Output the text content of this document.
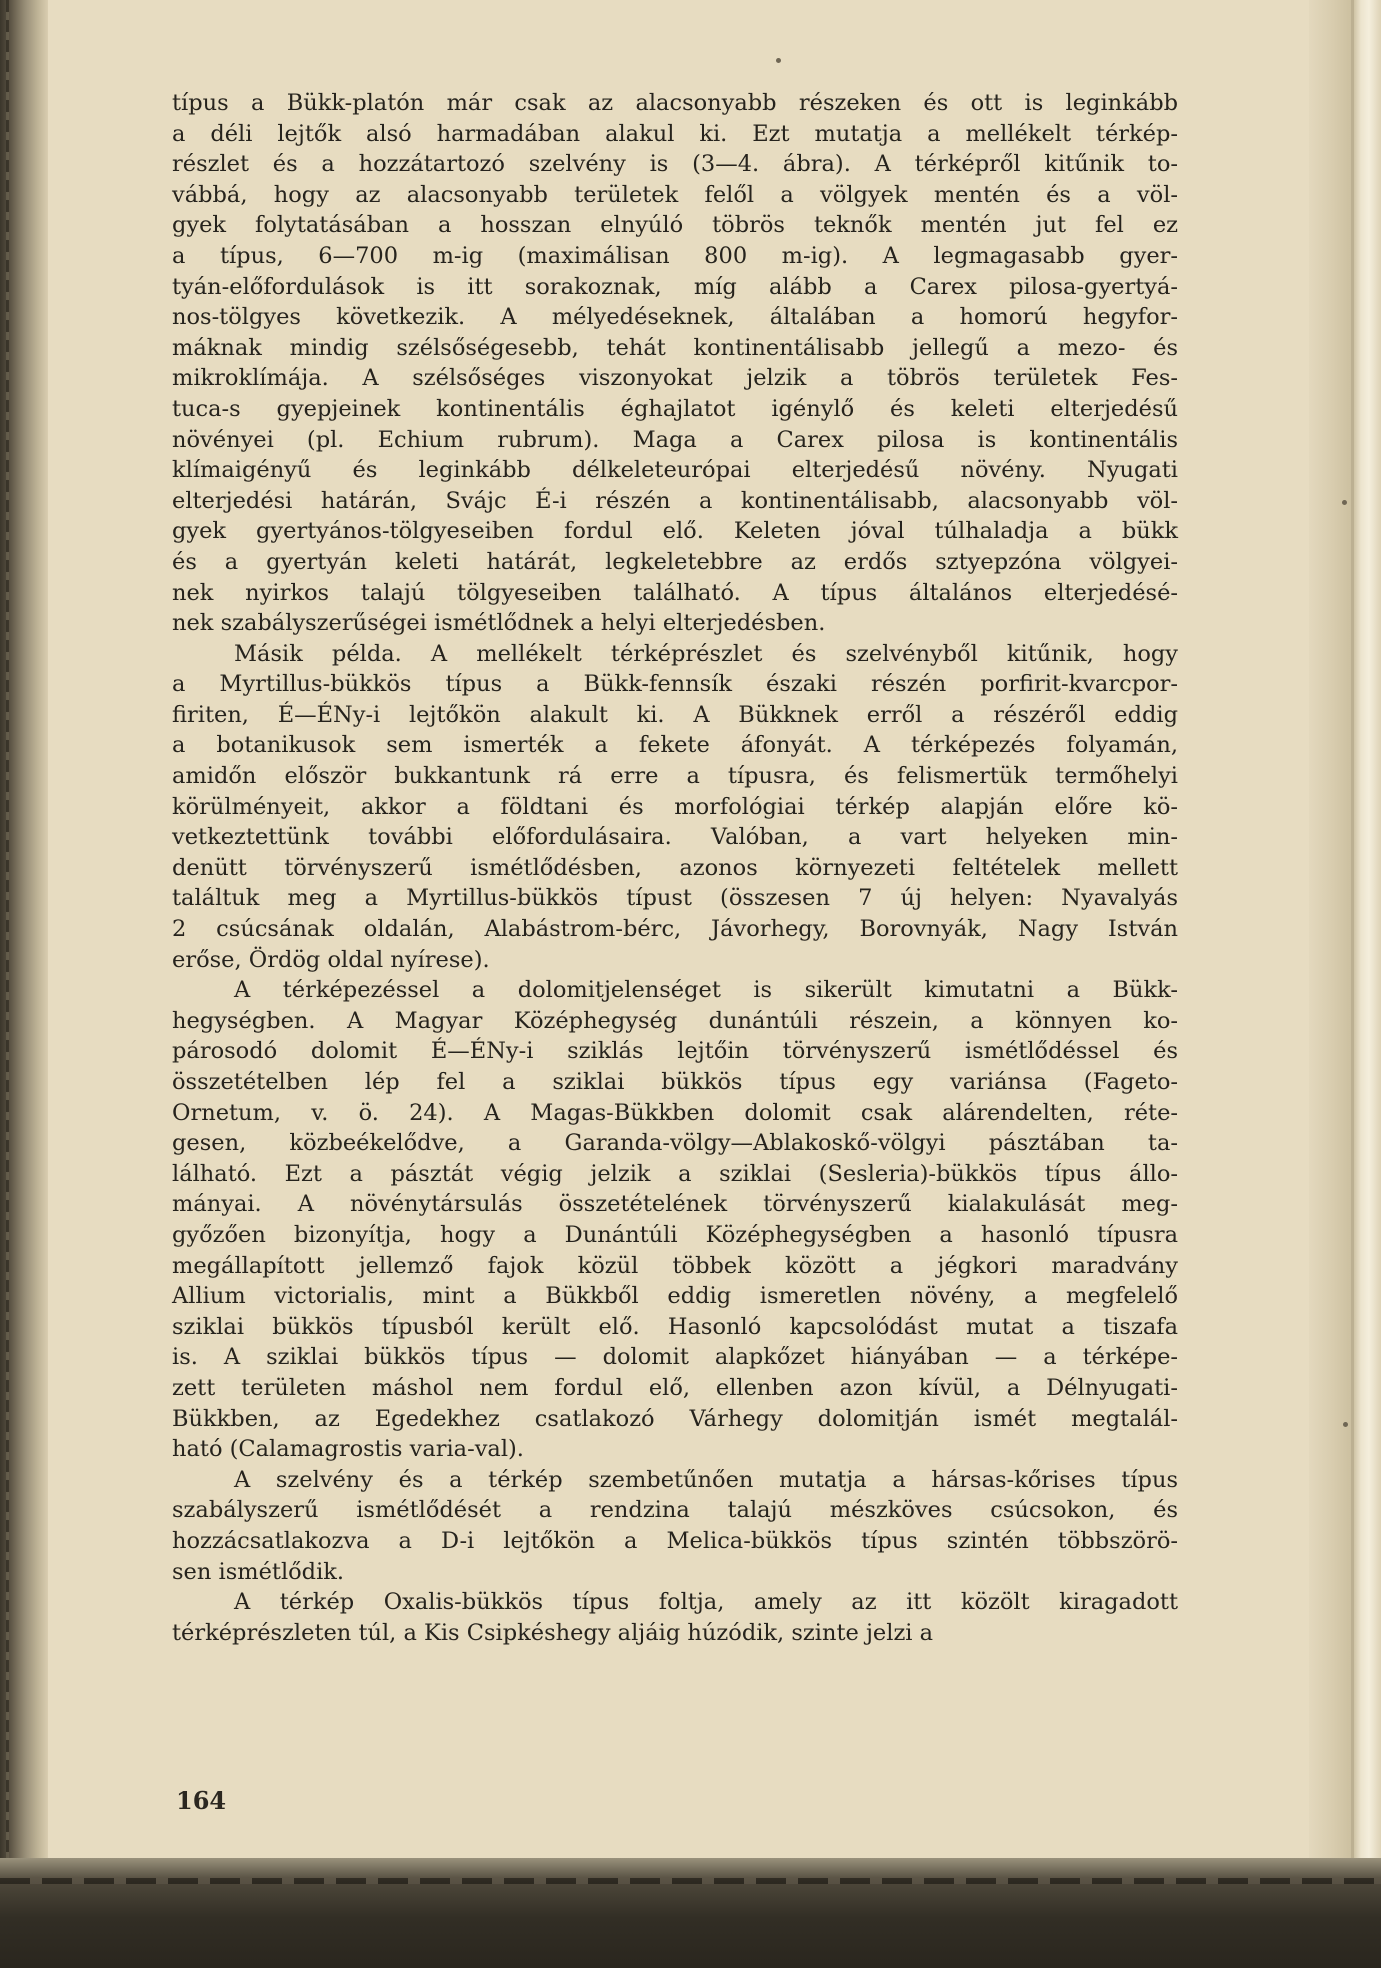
típus a Bükk-platón már csak az alacsonyabb részeken és ott is leginkább
a déli lejtők alsó harmadában alakul ki. Ezt mutatja a mellékelt térkép-
részlet és a hozzátartozó szelvény is (3—4. ábra). A térképről kitűnik to-
vábbá, hogy az alacsonyabb területek felől a völgyek mentén és a völ-
gyek folytatásában a hosszan elnyúló töbrös teknők mentén jut fel ez
a típus, 6—700 m-ig (maximálisan 800 m-ig). A legmagasabb gyer-
tyán-előfordulások is itt sorakoznak, míg alább a Carex pilosa-gyertyá-
nos-tölgyes következik. A mélyedéseknek, általában a homorú hegyfor-
máknak mindig szélsőségesebb, tehát kontinentálisabb jellegű a mezo- és
mikroklímája. A szélsőséges viszonyokat jelzik a töbrös területek Fes-
tuca-s gyepjeinek kontinentális éghajlatot igénylő és keleti elterjedésű
növényei (pl. Echium rubrum). Maga a Carex pilosa is kontinentális
klímaigényű és leginkább délkeleteurópai elterjedésű növény. Nyugati
elterjedési határán, Svájc É-i részén a kontinentálisabb, alacsonyabb völ-
gyek gyertyános-tölgyeseiben fordul elő. Keleten jóval túlhaladja a bükk
és a gyertyán keleti határát, legkeletebbre az erdős sztyepzóna völgyei-
nek nyirkos talajú tölgyeseiben található. A típus általános elterjedésé-
nek szabályszerűségei ismétlődnek a helyi elterjedésben.
Másik példa. A mellékelt térképrészlet és szelvényből kitűnik, hogy
a Myrtillus-bükkös típus a Bükk-fennsík északi részén porfirit-kvarcpor-
firiten, É—ÉNy-i lejtőkön alakult ki. A Bükknek erről a részéről eddig
a botanikusok sem ismerték a fekete áfonyát. A térképezés folyamán,
amidőn először bukkantunk rá erre a típusra, és felismertük termőhelyi
körülményeit, akkor a földtani és morfológiai térkép alapján előre kö-
vetkeztettünk további előfordulásaira. Valóban, a vart helyeken min-
denütt törvényszerű ismétlődésben, azonos környezeti feltételek mellett
találtuk meg a Myrtillus-bükkös típust (összesen 7 új helyen: Nyavalyás
2 csúcsának oldalán, Alabástrom-bérc, Jávorhegy, Borovnyák, Nagy István
erőse, Ördög oldal nyírese).
A térképezéssel a dolomitjelenséget is sikerült kimutatni a Bükk-
hegységben. A Magyar Középhegység dunántúli részein, a könnyen ko-
párosodó dolomit É—ÉNy-i sziklás lejtőin törvényszerű ismétlődéssel és
összetételben lép fel a sziklai bükkös típus egy variánsa (Fageto-
Ornetum, v. ö. 24). A Magas-Bükkben dolomit csak alárendelten, réte-
gesen, közbeékelődve, a Garanda-völgy—Ablakoskő-völgyi pásztában ta-
lálható. Ezt a pásztát végig jelzik a sziklai (Sesleria)-bükkös típus állo-
mányai. A növénytársulás összetételének törvényszerű kialakulását meg-
győzően bizonyítja, hogy a Dunántúli Középhegységben a hasonló típusra
megállapított jellemző fajok közül többek között a jégkori maradvány
Allium victorialis, mint a Bükkből eddig ismeretlen növény, a megfelelő
sziklai bükkös típusból került elő. Hasonló kapcsolódást mutat a tiszafa
is. A sziklai bükkös típus — dolomit alapkőzet hiányában — a térképe-
zett területen máshol nem fordul elő, ellenben azon kívül, a Délnyugati-
Bükkben, az Egedekhez csatlakozó Várhegy dolomitján ismét megtalál-
ható (Calamagrostis varia-val).
A szelvény és a térkép szembetűnően mutatja a hársas-kőrises típus
szabályszerű ismétlődését a rendzina talajú mészköves csúcsokon, és
hozzácsatlakozva a D-i lejtőkön a Melica-bükkös típus szintén többszörö-
sen ismétlődik.
A térkép Oxalis-bükkös típus foltja, amely az itt közölt kiragadott
térképrészleten túl, a Kis Csipkéshegy aljáig húzódik, szinte jelzi a
164
